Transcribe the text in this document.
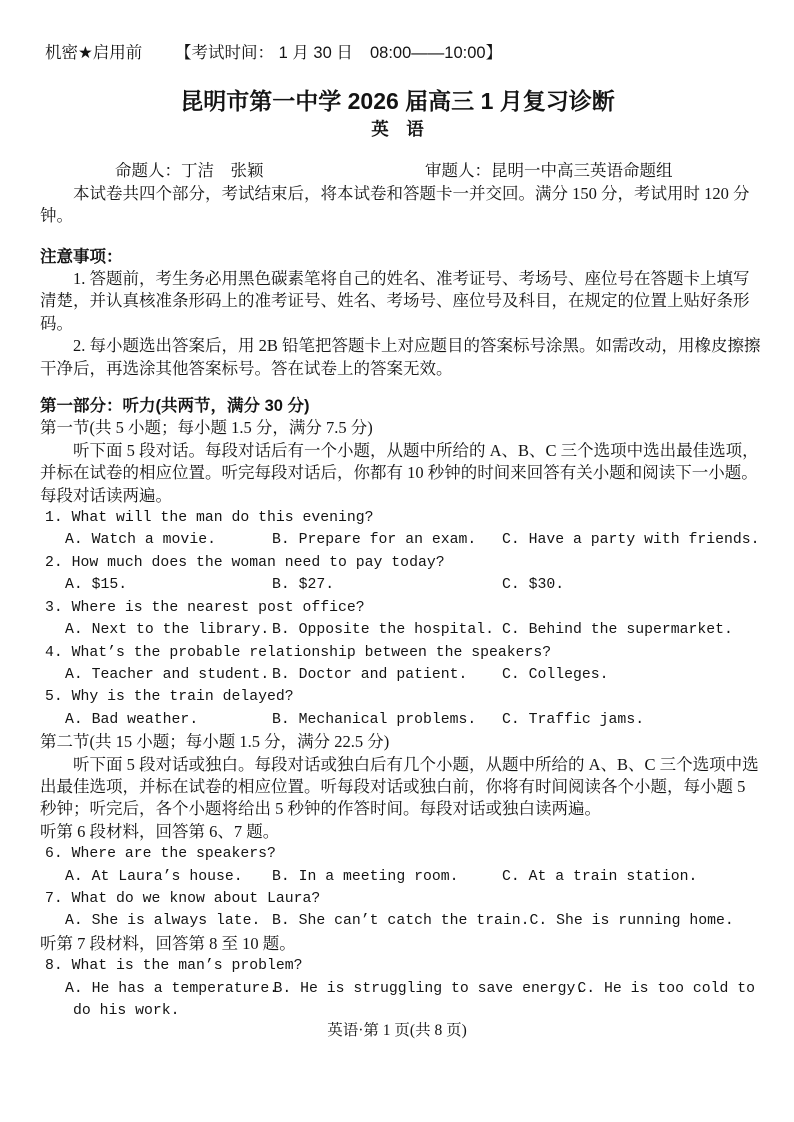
机密★启用前 【考试时间： 1 月 30 日 08:00——10:00】
昆明市第一中学 2026 届高三 1 月复习诊断
英　语
命题人：丁洁　张颖	审题人：昆明一中高三英语命题组
本试卷共四个部分，考试结束后，将本试卷和答题卡一并交回。满分 150 分，考试用时 120 分
钟。
注意事项：
1. 答题前，考生务必用黑色碳素笔将自己的姓名、准考证号、考场号、座位号在答题卡上填写
清楚，并认真核准条形码上的准考证号、姓名、考场号、座位号及科目，在规定的位置上贴好条形
码。
2. 每小题选出答案后，用 2B 铅笔把答题卡上对应题目的答案标号涂黑。如需改动，用橡皮擦擦
干净后，再选涂其他答案标号。答在试卷上的答案无效。
第一部分：听力(共两节，满分 30 分)
第一节(共 5 小题；每小题 1.5 分，满分 7.5 分)
听下面 5 段对话。每段对话后有一个小题，从题中所给的 A、B、C 三个选项中选出最佳选项，
并标在试卷的相应位置。听完每段对话后，你都有 10 秒钟的时间来回答有关小题和阅读下一小题。
每段对话读两遍。
1. What will the man do this evening?
A. Watch a movie.	B. Prepare for an exam.	C. Have a party with friends.
2. How much does the woman need to pay today?
A. $15.	B. $27.	C. $30.
3. Where is the nearest post office?
A. Next to the library. B. Opposite the hospital. C. Behind the supermarket.
4. What’s the probable relationship between the speakers?
A. Teacher and student. B. Doctor and patient.	C. Colleges.
5. Why is the train delayed?
A. Bad weather.	B. Mechanical problems.	C. Traffic jams.
第二节(共 15 小题；每小题 1.5 分，满分 22.5 分)
听下面 5 段对话或独白。每段对话或独白后有几个小题，从题中所给的 A、B、C 三个选项中选
出最佳选项，并标在试卷的相应位置。听每段对话或独白前，你将有时间阅读各个小题，每小题 5
秒钟；听完后，各个小题将给出 5 秒钟的作答时间。每段对话或独白读两遍。
听第 6 段材料，回答第 6、7 题。
6. Where are the speakers?
A. At Laura’s house.	B. In a meeting room.	C. At a train station.
7. What do we know about Laura?
A. She is always late. B. She can’t catch the train. C. She is running home.
听第 7 段材料，回答第 8 至 10 题。
8. What is the man’s problem?
A. He has a temperature.
B. He is struggling to save energy.
C. He is too cold to
do his work.
英语·第 1 页(共 8 页)
